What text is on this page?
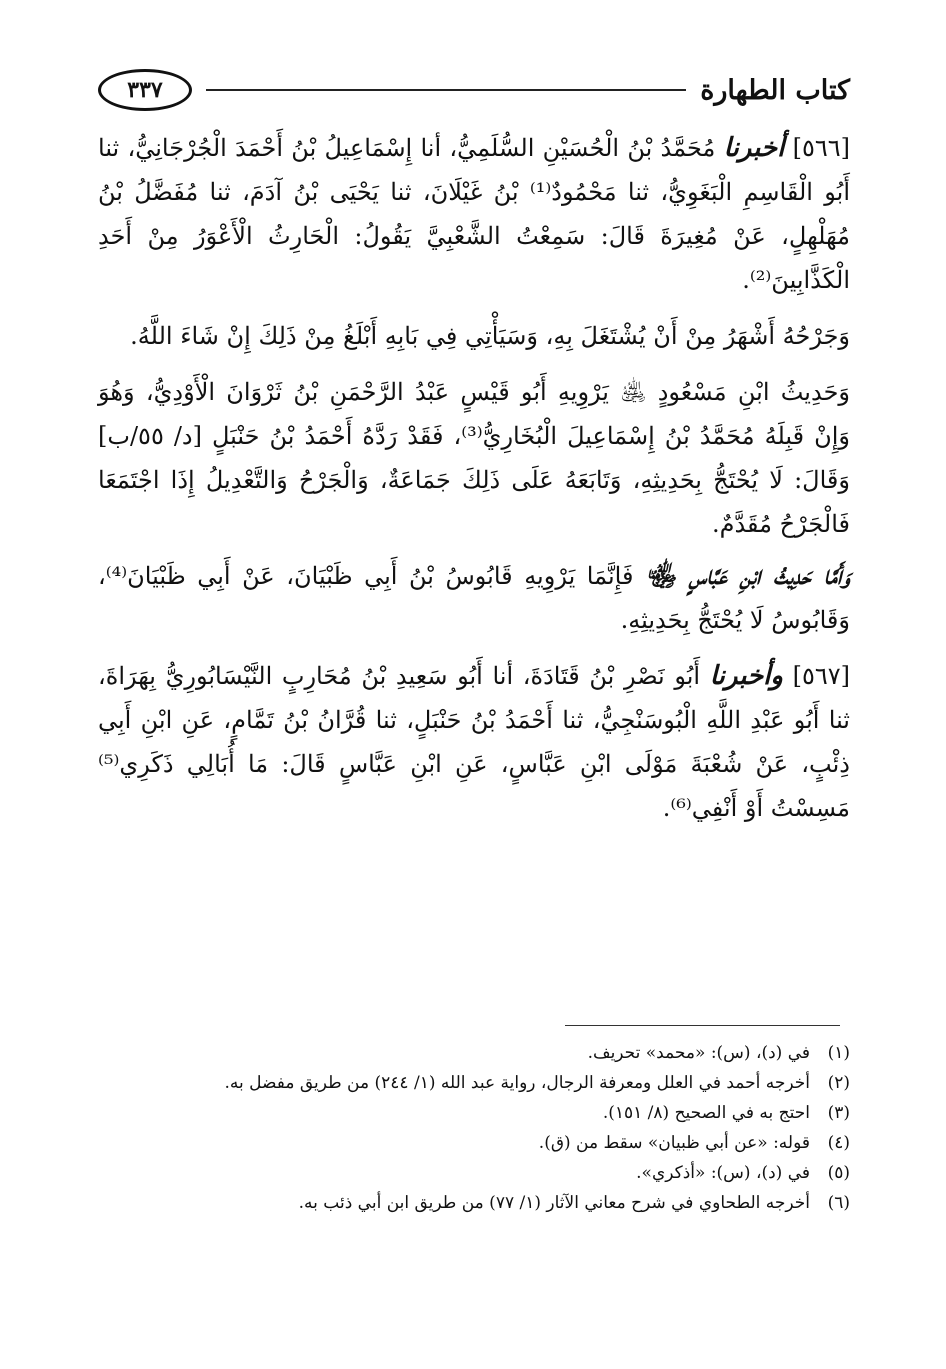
كتاب الطهارة
٣٣٧

[٥٦٦] أخبرنا مُحَمَّدُ بْنُ الْحُسَيْنِ السُّلَمِيُّ، أنا إِسْمَاعِيلُ بْنُ أَحْمَدَ الْجُرْجَانِيُّ، ثنا أَبُو الْقَاسِمِ الْبَغَوِيُّ، ثنا مَحْمُودٌ⁽¹⁾ بْنُ غَيْلَانَ، ثنا يَحْيَى بْنُ آدَمَ، ثنا مُفَضَّلُ بْنُ مُهَلْهِلٍ، عَنْ مُغِيرَةَ قَالَ: سَمِعْتُ الشَّعْبِيَّ يَقُولُ: الْحَارِثُ الْأَعْوَرُ مِنْ أَحَدِ الْكَذَّابِينَ⁽²⁾.

وَجَرْحُهُ أَشْهَرُ مِنْ أَنْ يُشْتَغَلَ بِهِ، وَسَيَأْتِي فِي بَابِهِ أَبْلَغُ مِنْ ذَلِكَ إِنْ شَاءَ اللَّهُ.

وَحَدِيثُ ابْنِ مَسْعُودٍ ﵁ يَرْوِيهِ أَبُو قَيْسٍ عَبْدُ الرَّحْمَنِ بْنُ ثَرْوَانَ الْأَوْدِيُّ، وَهُوَ وَإِنْ قَبِلَهُ مُحَمَّدُ بْنُ إِسْمَاعِيلَ الْبُخَارِيُّ⁽³⁾، فَقَدْ رَدَّهُ أَحْمَدُ بْنُ حَنْبَلٍ [د/ ٥٥/ب] وَقَالَ: لَا يُحْتَجُّ بِحَدِيثِهِ، وَتَابَعَهُ عَلَى ذَلِكَ جَمَاعَةٌ، وَالْجَرْحُ وَالتَّعْدِيلُ إِذَا اجْتَمَعَا فَالْجَرْحُ مُقَدَّمٌ.

وَأَمَّا حَدِيثُ ابْنِ عَبَّاسٍ ﵄ فَإِنَّمَا يَرْوِيهِ قَابُوسُ بْنُ أَبِي ظَبْيَانَ، عَنْ أَبِي ظَبْيَانَ⁽⁴⁾، وَقَابُوسُ لَا يُحْتَجُّ بِحَدِيثِهِ.

[٥٦٧] وأخبرنا أَبُو نَصْرِ بْنُ قَتَادَةَ، أنا أَبُو سَعِيدِ بْنُ مُحَارِبٍ النَّيْسَابُورِيُّ بِهَرَاةَ، ثنا أَبُو عَبْدِ اللَّهِ الْبُوسَنْجِيُّ، ثنا أَحْمَدُ بْنُ حَنْبَلٍ، ثنا قُرَّانُ بْنُ تَمَّامٍ، عَنِ ابْنِ أَبِي ذِئْبٍ، عَنْ شُعْبَةَ مَوْلَى ابْنِ عَبَّاسٍ، عَنِ ابْنِ عَبَّاسٍ قَالَ: مَا أُبَالِي ذَكَرِي⁽⁵⁾ مَسِسْتُ أَوْ أَنْفِي⁽⁶⁾.

(١)
في (د)، (س): «محمد» تحريف.
(٢)
أخرجه أحمد في العلل ومعرفة الرجال، رواية عبد الله (١/ ٢٤٤) من طريق مفضل به.
(٣)
احتج به في الصحيح (٨/ ١٥١).
(٤)
قوله: «عن أبي ظبيان» سقط من (ق).
(٥)
في (د)، (س): «أذكري».
(٦)
أخرجه الطحاوي في شرح معاني الآثار (١/ ٧٧) من طريق ابن أبي ذئب به.
